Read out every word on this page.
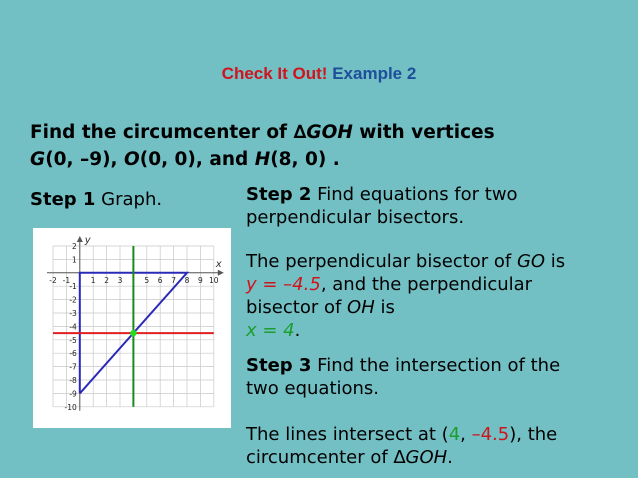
Check It Out! Example 2
Find the circumcenter of ∆GOH with vertices
G(0, –9), O(0, 0), and H(8, 0) .
Step 1 Graph.	Step 2 Find equations for two
perpendicular bisectors.
The perpendicular bisector of GO is
y = –4.5, and the perpendicular
bisector of OH is
x = 4.
Step 3 Find the intersection of the
two equations.
The lines intersect at (4, –4.5), the
circumcenter of ∆GOH.
x
y
-2 -1	1 2 3	5 6 7 8 9 10
2
1
-1
-2
-3
-4
-5
-6
-7
-8
-9
-10
